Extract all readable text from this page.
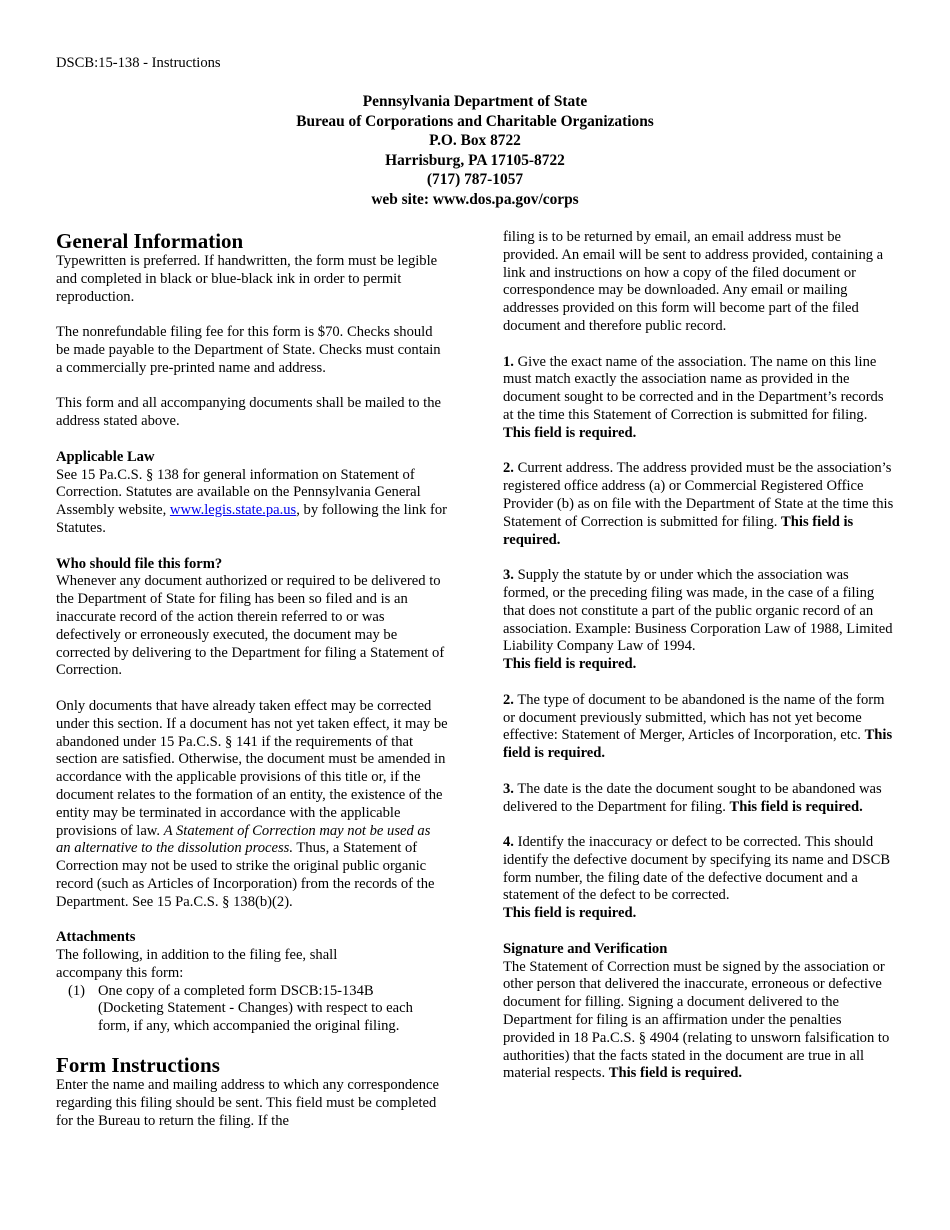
DSCB:15-138 - Instructions
Pennsylvania Department of State
Bureau of Corporations and Charitable Organizations
P.O. Box 8722
Harrisburg, PA 17105-8722
(717) 787-1057
web site: www.dos.pa.gov/corps
General Information

Typewritten is preferred. If handwritten, the form must be legible and completed in black or blue-black ink in order to permit reproduction.

The nonrefundable filing fee for this form is $70. Checks should be made payable to the Department of State. Checks must contain a commercially pre-printed name and address.

This form and all accompanying documents shall be mailed to the address stated above.

Applicable Law

See 15 Pa.C.S. § 138 for general information on Statement of Correction. Statutes are available on the Pennsylvania General Assembly website, www.legis.state.pa.us, by following the link for Statutes.

Who should file this form?

Whenever any document authorized or required to be delivered to the Department of State for filing has been so filed and is an inaccurate record of the action therein referred to or was defectively or erroneously executed, the document may be corrected by delivering to the Department for filing a Statement of Correction.

Only documents that have already taken effect may be corrected under this section. If a document has not yet taken effect, it may be abandoned under 15 Pa.C.S. § 141 if the requirements of that section are satisfied. Otherwise, the document must be amended in accordance with the applicable provisions of this title or, if the document relates to the formation of an entity, the existence of the entity may be terminated in accordance with the applicable provisions of law. A Statement of Correction may not be used as an alternative to the dissolution process. Thus, a Statement of Correction may not be used to strike the original public organic record (such as Articles of Incorporation) from the records of the Department. See 15 Pa.C.S. § 138(b)(2).

Attachments
The following, in addition to the filing fee, shall accompany this form:
(1) One copy of a completed form DSCB:15-134B (Docketing Statement - Changes) with respect to each form, if any, which accompanied the original filing.
Form Instructions
Enter the name and mailing address to which any correspondence regarding this filing should be sent. This field must be completed for the Bureau to return the filing. If the

filing is to be returned by email, an email address must be provided. An email will be sent to address provided, containing a link and instructions on how a copy of the filed document or correspondence may be downloaded. Any email or mailing addresses provided on this form will become part of the filed document and therefore public record.

1. Give the exact name of the association. The name on this line must match exactly the association name as provided in the document sought to be corrected and in the Department’s records at the time this Statement of Correction is submitted for filing. This field is required.

2. Current address. The address provided must be the association’s registered office address (a) or Commercial Registered Office Provider (b) as on file with the Department of State at the time this Statement of Correction is submitted for filing. This field is required.

3. Supply the statute by or under which the association was formed, or the preceding filing was made, in the case of a filing that does not constitute a part of the public organic record of an association. Example: Business Corporation Law of 1988, Limited Liability Company Law of 1994.
This field is required.

2. The type of document to be abandoned is the name of the form or document previously submitted, which has not yet become effective: Statement of Merger, Articles of Incorporation, etc. This field is required.

3. The date is the date the document sought to be abandoned was delivered to the Department for filing. This field is required.

4. Identify the inaccuracy or defect to be corrected. This should identify the defective document by specifying its name and DSCB form number, the filing date of the defective document and a statement of the defect to be corrected.
This field is required.

Signature and Verification

The Statement of Correction must be signed by the association or other person that delivered the inaccurate, erroneous or defective document for filling. Signing a document delivered to the Department for filing is an affirmation under the penalties provided in 18 Pa.C.S. § 4904 (relating to unsworn falsification to authorities) that the facts stated in the document are true in all material respects. This field is required.
